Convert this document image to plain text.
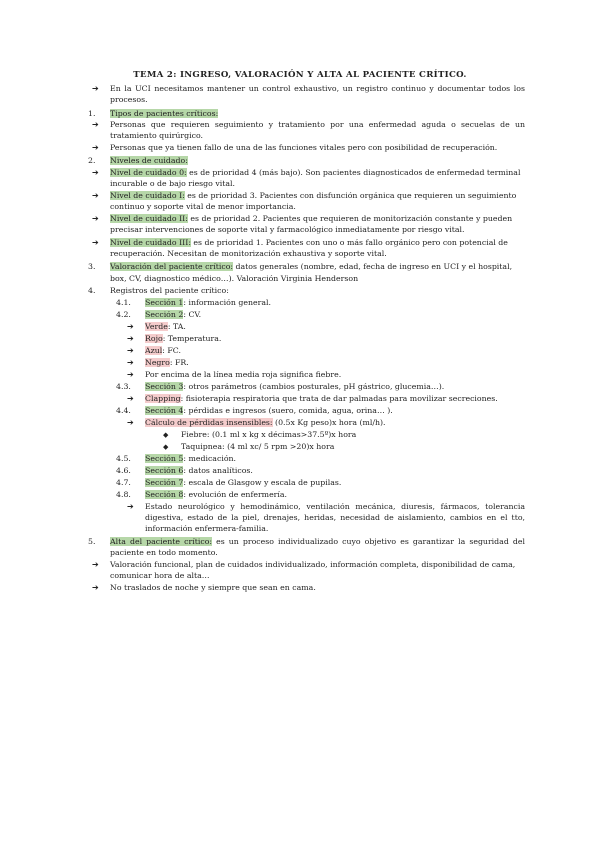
TEMA 2: INGRESO, VALORACIÓN Y ALTA AL PACIENTE CRÍTICO.
➔ En la UCI necesitamos mantener un control exhaustivo, un registro continuo y documentar todos los
procesos.
1. Tipos de pacientes críticos:
➔ Personas que requieren seguimiento y tratamiento por una enfermedad aguda o secuelas de un
tratamiento quirúrgico.
➔ Personas que ya tienen fallo de una de las funciones vitales pero con posibilidad de recuperación.
2. Niveles de cuidado:
➔ Nivel de cuidado 0: es de prioridad 4 (más bajo). Son pacientes diagnosticados de enfermedad terminal
incurable o de bajo riesgo vital.
➔ Nivel de cuidado I: es de prioridad 3. Pacientes con disfunción orgánica que requieren un seguimiento
continuo y soporte vital de menor importancia.
➔ Nivel de cuidado II: es de prioridad 2. Pacientes que requieren de monitorización constante y pueden
precisar intervenciones de soporte vital y farmacológico inmediatamente por riesgo vital.
➔ Nivel de cuidado III: es de prioridad 1. Pacientes con uno o más fallo orgánico pero con potencial de
recuperación. Necesitan de monitorización exhaustiva y soporte vital.
3. Valoración del paciente crítico: datos generales (nombre, edad, fecha de ingreso en UCI y el hospital,
box, CV, diagnostico médico…). Valoración Virginia Henderson
4. Registros del paciente crítico:
4.1. Sección 1: información general.
4.2. Sección 2: CV.
➔ Verde: TA.
➔ Rojo: Temperatura.
➔ Azul: FC.
➔ Negro: FR.
➔ Por encima de la línea media roja significa fiebre.
4.3. Sección 3: otros parámetros (cambios posturales, pH gástrico, glucemia…).
➔ Clapping: fisioterapia respiratoria que trata de dar palmadas para movilizar secreciones.
4.4. Sección 4: pérdidas e ingresos (suero, comida, agua, orina… ).
➔ Cálculo de pérdidas insensibles: (0.5x Kg peso)x hora (ml/h).
◆ Fiebre: (0.1 ml x kg x décimas>37.5º)x hora
◆ Taquipnea: (4 ml xc/ 5 rpm >20)x hora
4.5. Sección 5: medicación.
4.6. Sección 6: datos analíticos.
4.7. Sección 7: escala de Glasgow y escala de pupilas.
4.8. Sección 8: evolución de enfermería.
➔ Estado neurológico y hemodinámico, ventilación mecánica, diuresis, fármacos, tolerancia
digestiva, estado de la piel, drenajes, heridas, necesidad de aislamiento, cambios en el tto,
información enfermera-familia.
5. Alta del paciente crítico: es un proceso individualizado cuyo objetivo es garantizar la seguridad del
paciente en todo momento.
➔ Valoración funcional, plan de cuidados individualizado, información completa, disponibilidad de cama,
comunicar hora de alta…
➔ No traslados de noche y siempre que sean en cama.
